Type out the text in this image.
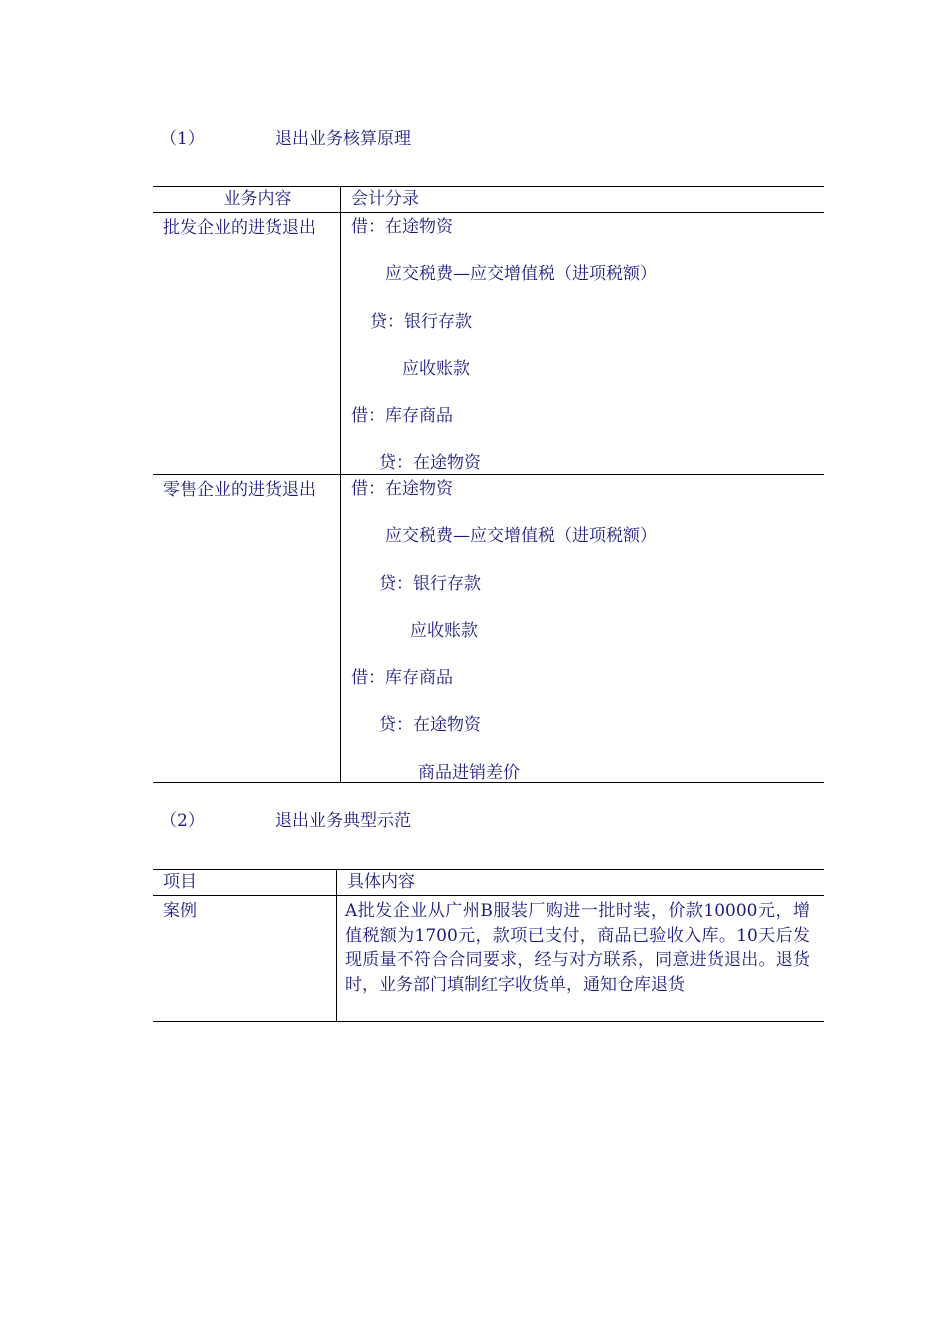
（1）	退出业务核算原理
业务内容	会计分录
批发企业的进货退出	借：在途物资
应交税费—应交增值税（进项税额）
贷：银行存款
应收账款
借：库存商品
贷：在途物资
零售企业的进货退出	借：在途物资
应交税费—应交增值税（进项税额）
贷：银行存款
应收账款
借：库存商品
贷：在途物资
商品进销差价
（2）	退出业务典型示范
项目	具体内容
案例	A批发企业从广州B服装厂购进一批时装，价款10000元，增值税额为1700元，款项已支付，商品已验收入库。10天后发现质量不符合合同要求，经与对方联系，同意进货退出。退货时，业务部门填制红字收货单，通知仓库退货
